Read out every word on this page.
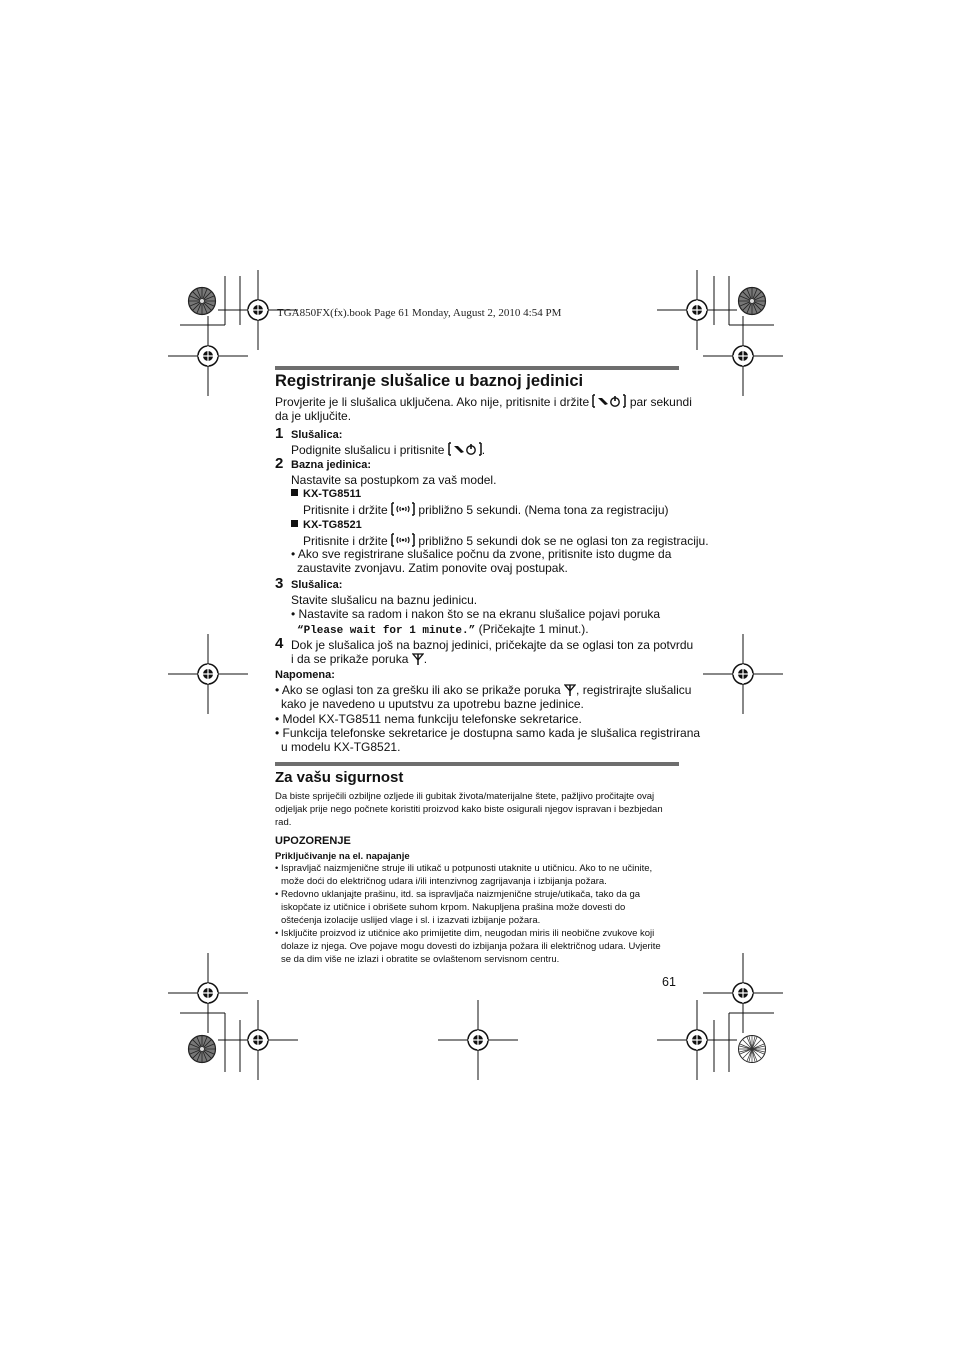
TGA850FX(fx).book Page 61 Monday, August 2, 2010 4:54 PM
Registriranje slušalice u baznoj jedinici
Provjerite je li slušalica uključena. Ako nije, pritisnite i držite	par sekundi
da je uključite.
1 Slušalica:
Podignite slušalicu i pritisnite	.
2 Bazna jedinica:
Nastavite sa postupkom za vaš model.
KX-TG8511
Pritisnite i držite	približno 5 sekundi. (Nema tona za registraciju)
KX-TG8521
Pritisnite i držite	približno 5 sekundi dok se ne oglasi ton za registraciju.
• Ako sve registrirane slušalice počnu da zvone, pritisnite isto dugme da
zaustavite zvonjavu. Zatim ponovite ovaj postupak.
3 Slušalica:
Stavite slušalicu na baznu jedinicu.
• Nastavite sa radom i nakon što se na ekranu slušalice pojavi poruka
“Please wait for 1 minute.” (Pričekajte 1 minut.).
4 Dok je slušalica još na baznoj jedinici, pričekajte da se oglasi ton za potvrdu
i da se prikaže poruka .
Napomena:
• Ako se oglasi ton za grešku ili ako se prikaže poruka , registrirajte slušalicu
kako je navedeno u uputstvu za upotrebu bazne jedinice.
• Model KX-TG8511 nema funkciju telefonske sekretarice.
• Funkcija telefonske sekretarice je dostupna samo kada je slušalica registrirana
u modelu KX-TG8521.
Za vašu sigurnost
Da biste spriječili ozbiljne ozljede ili gubitak života/materijalne štete, pažljivo pročitajte ovaj
odjeljak prije nego počnete koristiti proizvod kako biste osigurali njegov ispravan i bezbjedan
rad.
UPOZORENJE
Priključivanje na el. napajanje
• Ispravljač naizmjenične struje ili utikač u potpunosti utaknite u utičnicu. Ako to ne učinite,
može doći do električnog udara i/ili intenzivnog zagrijavanja i izbijanja požara.
• Redovno uklanjajte prašinu, itd. sa ispravljača naizmjenične struje/utikača, tako da ga
iskopčate iz utičnice i obrišete suhom krpom. Nakupljena prašina može dovesti do
oštećenja izolacije uslijed vlage i sl. i izazvati izbijanje požara.
• Isključite proizvod iz utičnice ako primijetite dim, neugodan miris ili neobične zvukove koji
dolaze iz njega. Ove pojave mogu dovesti do izbijanja požara ili električnog udara. Uvjerite
se da dim više ne izlazi i obratite se ovlaštenom servisnom centru.
61
